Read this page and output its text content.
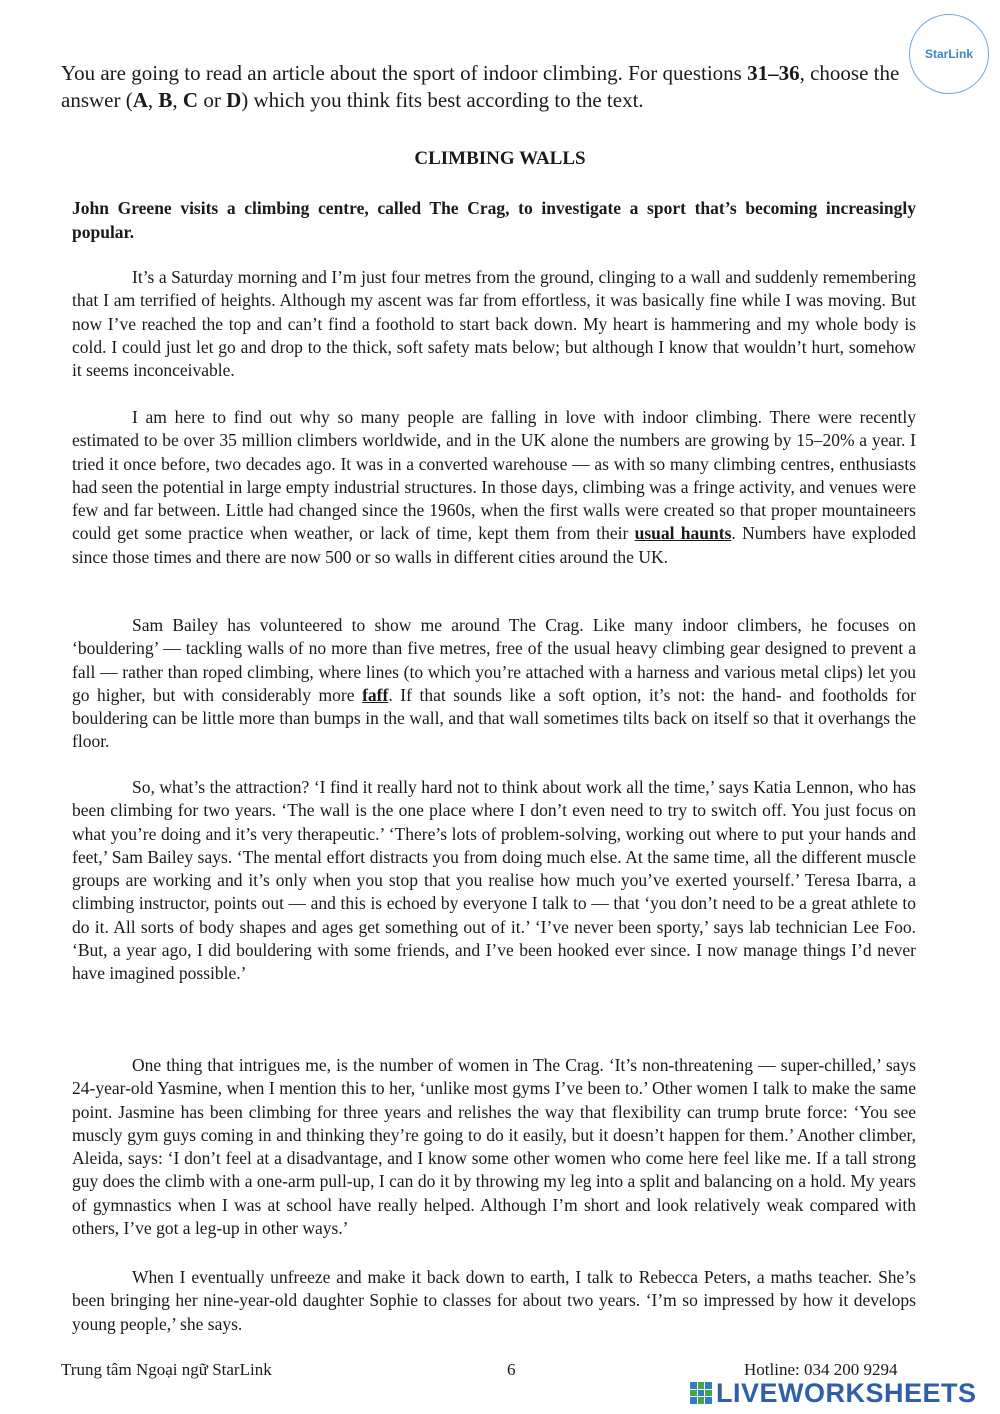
StarLink

You are going to read an article about the sport of indoor climbing. For questions 31–36, choose the answer (A, B, C or D) which you think fits best according to the text.

CLIMBING WALLS

John Greene visits a climbing centre, called The Crag, to investigate a sport that’s becoming increasingly popular.

It’s a Saturday morning and I’m just four metres from the ground, clinging to a wall and suddenly remembering that I am terrified of heights. Although my ascent was far from effortless, it was basically fine while I was moving. But now I’ve reached the top and can’t find a foothold to start back down. My heart is hammering and my whole body is cold. I could just let go and drop to the thick, soft safety mats below; but although I know that wouldn’t hurt, somehow it seems inconceivable.

I am here to find out why so many people are falling in love with indoor climbing. There were recently estimated to be over 35 million climbers worldwide, and in the UK alone the numbers are growing by 15–20% a year. I tried it once before, two decades ago. It was in a converted warehouse — as with so many climbing centres, enthusiasts had seen the potential in large empty industrial structures. In those days, climbing was a fringe activity, and venues were few and far between. Little had changed since the 1960s, when the first walls were created so that proper mountaineers could get some practice when weather, or lack of time, kept them from their usual haunts. Numbers have exploded since those times and there are now 500 or so walls in different cities around the UK.

Sam Bailey has volunteered to show me around The Crag. Like many indoor climbers, he focuses on ‘bouldering’ — tackling walls of no more than five metres, free of the usual heavy climbing gear designed to prevent a fall — rather than roped climbing, where lines (to which you’re attached with a harness and various metal clips) let you go higher, but with considerably more faff. If that sounds like a soft option, it’s not: the hand- and footholds for bouldering can be little more than bumps in the wall, and that wall sometimes tilts back on itself so that it overhangs the floor.

So, what’s the attraction? ‘I find it really hard not to think about work all the time,’ says Katia Lennon, who has been climbing for two years. ‘The wall is the one place where I don’t even need to try to switch off. You just focus on what you’re doing and it’s very therapeutic.’ ‘There’s lots of problem-solving, working out where to put your hands and feet,’ Sam Bailey says. ‘The mental effort distracts you from doing much else. At the same time, all the different muscle groups are working and it’s only when you stop that you realise how much you’ve exerted yourself.’ Teresa Ibarra, a climbing instructor, points out — and this is echoed by everyone I talk to — that ‘you don’t need to be a great athlete to do it. All sorts of body shapes and ages get something out of it.’ ‘I’ve never been sporty,’ says lab technician Lee Foo. ‘But, a year ago, I did bouldering with some friends, and I’ve been hooked ever since. I now manage things I’d never have imagined possible.’

One thing that intrigues me, is the number of women in The Crag. ‘It’s non-threatening — super-chilled,’ says 24-year-old Yasmine, when I mention this to her, ‘unlike most gyms I’ve been to.’ Other women I talk to make the same point. Jasmine has been climbing for three years and relishes the way that flexibility can trump brute force: ‘You see muscly gym guys coming in and thinking they’re going to do it easily, but it doesn’t happen for them.’ Another climber, Aleida, says: ‘I don’t feel at a disadvantage, and I know some other women who come here feel like me. If a tall strong guy does the climb with a one-arm pull-up, I can do it by throwing my leg into a split and balancing on a hold. My years of gymnastics when I was at school have really helped. Although I’m short and look relatively weak compared with others, I’ve got a leg-up in other ways.’

When I eventually unfreeze and make it back down to earth, I talk to Rebecca Peters, a maths teacher. She’s been bringing her nine-year-old daughter Sophie to classes for about two years. ‘I’m so impressed by how it develops young people,’ she says.

Trung tâm Ngoại ngữ StarLink	6	Hotline: 034 200 9294
LIVEWORKSHEETS
